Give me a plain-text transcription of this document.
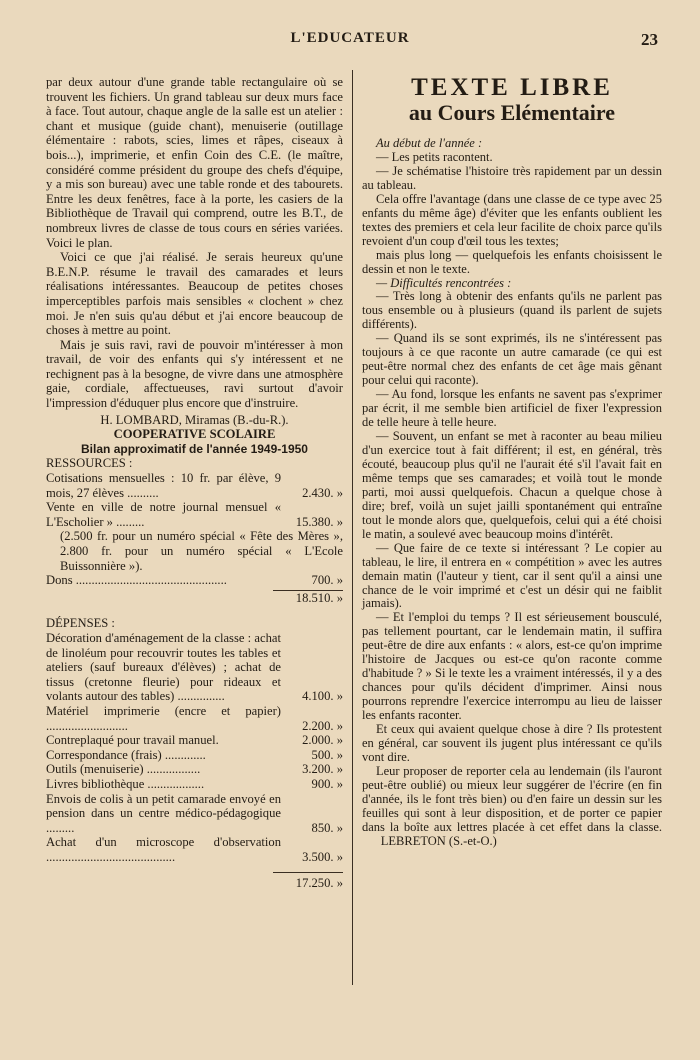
L'EDUCATEUR	23

par deux autour d'une grande table rectangulaire où se trouvent les fichiers. Un grand tableau sur deux murs face à face. Tout autour, chaque angle de la salle est un atelier : chant et musique (guide chant), menuiserie (outillage élémentaire : rabots, scies, limes et râpes, ciseaux à bois...), imprimerie, et enfin Coin des C.E. (le maître, considéré comme président du groupe des chefs d'équipe, y a mis son bureau) avec une table ronde et des tabourets. Entre les deux fenêtres, face à la porte, les casiers de la Bibliothèque de Travail qui comprend, outre les B.T., de nombreux livres de classe de tous cours en séries variées. Voici le plan.

Voici ce que j'ai réalisé. Je serais heureux qu'une B.E.N.P. résume le travail des camarades et leurs réalisations intéressantes. Beaucoup de petites choses imperceptibles parfois mais sensibles « clochent » chez moi. Je n'en suis qu'au début et j'ai encore beaucoup de choses à mettre au point.

Mais je suis ravi, ravi de pouvoir m'intéresser à mon travail, de voir des enfants qui s'y intéressent et ne rechignent pas à la besogne, de vivre dans une atmosphère gaie, cordiale, affectueuses, ravi surtout d'avoir l'impression d'éduquer plus encore que d'instruire.

H. LOMBARD, Miramas (B.-du-R.).

COOPERATIVE SCOLAIRE

Bilan approximatif de l'année 1949-1950

RESSOURCES :

Cotisations mensuelles : 10 fr. par élève, 9 mois, 27 élèves ..........	2.430. »
Vente en ville de notre journal mensuel « L'Escholier » .........	15.380. »

(2.500 fr. pour un numéro spécial « Fête des Mères », 2.800 fr. pour un numéro spécial « L'Ecole Buissonnière »).

Dons ................................................	700. »
18.510. »

DÉPENSES :

Décoration d'aménagement de la classe : achat de linoléum pour recouvrir toutes les tables et ateliers (sauf bureaux d'élèves) ; achat de tissus (cretonne fleurie) pour rideaux et volants autour des tables) ...............	4.100. »
Matériel imprimerie (encre et papier) ..........................	2.200. »
Contreplaqué pour travail manuel.	2.000. »
Correspondance (frais) .............	500. »
Outils (menuiserie) .................	3.200. »
Livres bibliothèque ..................	900. »
Envois de colis à un petit camarade envoyé en pension dans un centre médico-pédagogique .........	850. »
Achat d'un microscope d'observation .........................................	3.500. »
17.250. »
TEXTE LIBRE
au Cours Elémentaire

Au début de l'année :

— Les petits racontent.

— Je schématise l'histoire très rapidement par un dessin au tableau.

Cela offre l'avantage (dans une classe de ce type avec 25 enfants du même âge) d'éviter que les enfants oublient les textes des premiers et cela leur facilite de choix parce qu'ils revoient d'un coup d'œil tous les textes;

mais plus long — quelquefois les enfants choisissent le dessin et non le texte.

— Difficultés rencontrées :

— Très long à obtenir des enfants qu'ils ne parlent pas tous ensemble ou à plusieurs (quand ils parlent de sujets différents).

— Quand ils se sont exprimés, ils ne s'intéressent pas toujours à ce que raconte un autre camarade (ce qui est peut-être normal chez des enfants de cet âge mais gênant pour celui qui raconte).

— Au fond, lorsque les enfants ne savent pas s'exprimer par écrit, il me semble bien artificiel de fixer l'expression de telle heure à telle heure.

— Souvent, un enfant se met à raconter au beau milieu d'un exercice tout à fait différent; il est, en général, très écouté, beaucoup plus qu'il ne l'aurait été s'il l'avait fait en même temps que ses camarades; et voilà tout le monde parti, moi aussi quelquefois. Chacun a quelque chose à dire; bref, voilà un sujet jailli spontanément qui entraîne tout le monde alors que, quelquefois, celui qui a été choisi le matin, a soulevé avec beaucoup moins d'intérêt.

— Que faire de ce texte si intéressant ? Le copier au tableau, le lire, il entrera en « compétition » avec les autres demain matin (l'auteur y tient, car il sent qu'il a ainsi une chance de le voir imprimé et c'est un désir qui ne faiblit jamais).

— Et l'emploi du temps ? Il est sérieusement bousculé, pas tellement pourtant, car le lendemain matin, il suffira peut-être de dire aux enfants : « alors, est-ce qu'on imprime l'histoire de Jacques ou est-ce qu'on raconte comme d'habitude ? » Si le texte les a vraiment intéressés, il y a des chances pour qu'ils décident d'imprimer. Ainsi nous pourrons reprendre l'exercice interrompu au lieu de laisser les enfants raconter.

Et ceux qui avaient quelque chose à dire ? Ils protestent en général, car souvent ils jugent plus intéressant ce qu'ils vont dire.

Leur proposer de reporter cela au lendemain (ils l'auront peut-être oublié) ou mieux leur suggérer de l'écrire (en fin d'année, ils le font très bien) ou d'en faire un dessin sur les feuilles qui sont à leur disposition, et de porter ce papier dans la boîte aux lettres placée à cet effet dans la classe.       LEBRETON (S.-et-O.)
